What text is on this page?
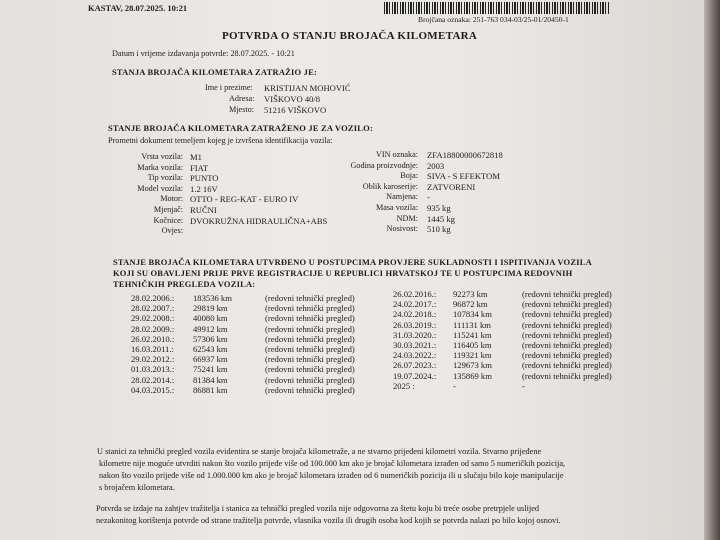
KASTAV, 28.07.2025. 10:21
Brojčana oznaka: 251-763 034-03/25-01/20450-1
POTVRDA O STANJU BROJAČA KILOMETARA
Datum i vrijeme izdavanja potvrde: 28.07.2025. - 10:21
STANJA BROJAČA KILOMETARA ZATRAŽIO JE:
Ime i prezime: KRISTIJAN MOHOVIĆ
Adresa: VIŠKOVO 40/8
Mjesto: 51216 VIŠKOVO
STANJE BROJAČA KILOMETARA ZATRAŽENO JE ZA VOZILO:
Prometni dokument temeljem kojeg je izvršena identifikacija vozila:
Vrsta vozila: M1
Marka vozila: FIAT
Tip vozila: PUNTO
Model vozila: 1.2 16V
Motor: OTTO - REG-KAT - EURO IV
Mjenjač: RUČNI
Kočnice: DVOKRUŽNA HIDRAULIČNA+ABS
Ovjes:
VIN oznaka: ZFA18800000672818
Godina proizvodnje: 2003
Boja: SIVA - S EFEKTOM
Oblik karoserije: ZATVORENI
Namjena: -
Masa vozila: 935 kg
NDM: 1445 kg
Nosivost: 510 kg
STANJE BROJAČA KILOMETARA UTVRĐENO U POSTUPCIMA PROVJERE SUKLADNOSTI I ISPITIVANJA VOZILA
KOJI SU OBAVLJENI PRIJE PRVE REGISTRACIJE U REPUBLICI HRVATSKOJ TE U POSTUPCIMA REDOVNIH
TEHNIČKIH PREGLEDA VOZILA:
28.02.2006.: 183536 km	(redovni tehnički pregled)
28.02.2007.: 29819 km	(redovni tehnički pregled)
29.02.2008.: 40080 km	(redovni tehnički pregled)
28.02.2009.: 49912 km	(redovni tehnički pregled)
26.02.2010.: 57306 km	(redovni tehnički pregled)
16.03.2011.: 62543 km	(redovni tehnički pregled)
29.02.2012.: 66937 km	(redovni tehnički pregled)
01.03.2013.: 75241 km	(redovni tehnički pregled)
28.02.2014.: 81384 km	(redovni tehnički pregled)
04.03.2015.: 86881 km	(redovni tehnički pregled)
26.02.2016.: 92273 km	(redovni tehnički pregled)
24.02.2017.: 96872 km	(redovni tehnički pregled)
24.02.2018.: 107834 km	(redovni tehnički pregled)
26.03.2019.: 111131 km	(redovni tehnički pregled)
31.03.2020.: 115241 km	(redovni tehnički pregled)
30.03.2021.: 116405 km	(redovni tehnički pregled)
24.03.2022.: 119321 km	(redovni tehnički pregled)
26.07.2023.: 129673 km	(redovni tehnički pregled)
19.07.2024.: 135869 km	(redovni tehnički pregled)
2025 :	-	-
U stanici za tehnički pregled vozila evidentira se stanje brojača kilometraže, a ne stvarno prijeđeni kilometri vozila. Stvarno prijeđene
kilometre nije moguće utvrditi nakon što vozilo prijeđe više od 100.000 km ako je brojač kilometara izrađen od samo 5 numeričkih pozicija,
nakon što vozilo prijeđe više od 1.000.000 km ako je brojač kilometara izrađen od 6 numeričkih pozicija ili u slučaju bilo koje manipulacije
s brojačem kilometara.
Potvrda se izdaje na zahtjev tražitelja i stanica za tehnički pregled vozila nije odgovorna za štetu koju bi treće osobe pretrpjele uslijed
nezakonitog korištenja potvrde od strane tražitelja potvrde, vlasnika vozila ili drugih osoba kod kojih se potvrda nalazi po bilo kojoj osnovi.
